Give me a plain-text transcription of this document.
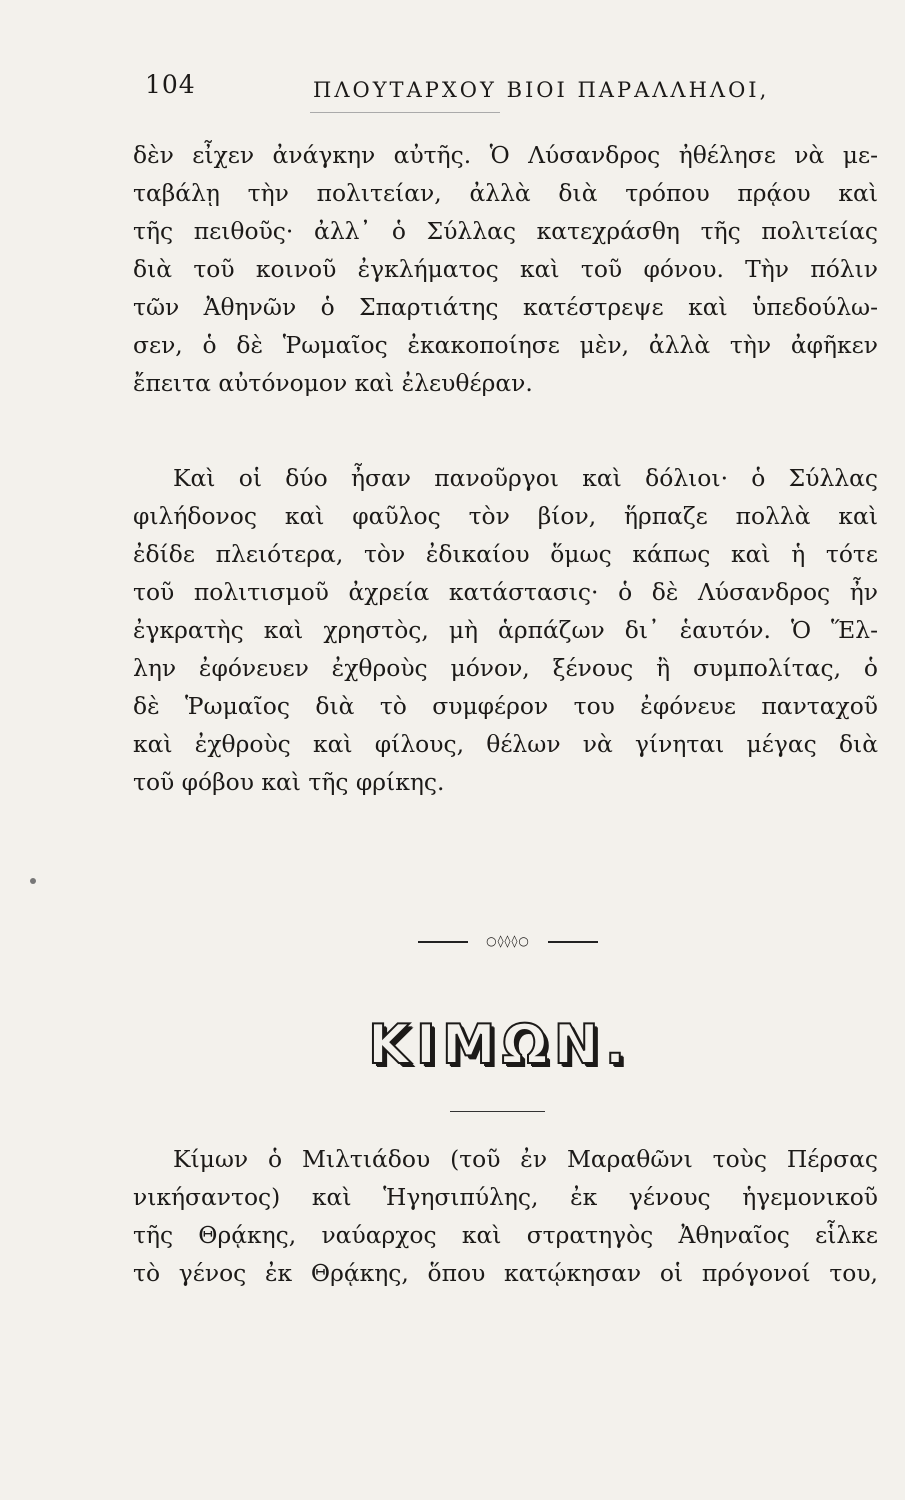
104	ΠΛΟΥΤΑΡΧΟΥ ΒΙΟΙ ΠΑΡΑΛΛΗΛΟΙ,
δὲν εἶχεν ἀνάγκην αὐτῆς. Ὁ Λύσανδρος ἠθέλησε νὰ με-
ταβάλῃ τὴν πολιτείαν, ἀλλὰ διὰ τρόπου πρᾴου καὶ
τῆς πειθοῦς· ἀλλ᾽ ὁ Σύλλας κατεχράσθη τῆς πολιτείας
διὰ τοῦ κοινοῦ ἐγκλήματος καὶ τοῦ φόνου. Τὴν πόλιν
τῶν Ἀθηνῶν ὁ Σπαρτιάτης κατέστρεψε καὶ ὑπεδούλω-
σεν, ὁ δὲ Ῥωμαῖος ἐκακοποίησε μὲν, ἀλλὰ τὴν ἀφῆκεν
ἔπειτα αὐτόνομον καὶ ἐλευθέραν.
Καὶ οἱ δύο ἦσαν πανοῦργοι καὶ δόλιοι· ὁ Σύλλας
φιλήδονος καὶ φαῦλος τὸν βίον, ἥρπαζε πολλὰ καὶ
ἐδίδε πλειότερα, τὸν ἐδικαίου ὅμως κάπως καὶ ἡ τότε
τοῦ πολιτισμοῦ ἀχρεία κατάστασις· ὁ δὲ Λύσανδρος ἦν
ἐγκρατὴς καὶ χρηστὸς, μὴ ἁρπάζων δι᾽ ἑαυτόν. Ὁ Ἕλ-
λην ἐφόνευεν ἐχθροὺς μόνον, ξένους ἢ συμπολίτας, ὁ
δὲ Ῥωμαῖος διὰ τὸ συμφέρον του ἐφόνευε πανταχοῦ
καὶ ἐχθροὺς καὶ φίλους, θέλων νὰ γίνηται μέγας διὰ
τοῦ φόβου καὶ τῆς φρίκης.
○◊◊◊○
ΚΙΜΩΝ.
Κίμων ὁ Μιλτιάδου (τοῦ ἐν Μαραθῶνι τοὺς Πέρσας
νικήσαντος) καὶ Ἡγησιπύλης, ἐκ γένους ἡγεμονικοῦ
τῆς Θρᾴκης, ναύαρχος καὶ στρατηγὸς Ἀθηναῖος εἷλκε
τὸ γένος ἐκ Θρᾴκης, ὅπου κατῴκησαν οἱ πρόγονοί του,
